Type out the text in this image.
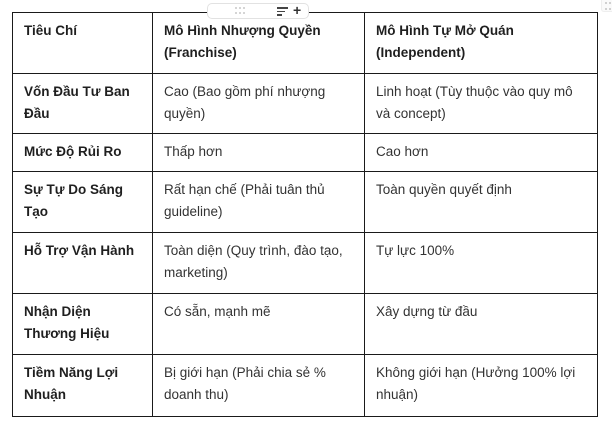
+
Tiêu Chí	Mô Hình Nhượng Quyền (Franchise)	Mô Hình Tự Mở Quán (Independent)
Vốn Đầu Tư Ban Đầu	Cao (Bao gồm phí nhượng quyền)	Linh hoạt (Tùy thuộc vào quy mô và concept)
Mức Độ Rủi Ro	Thấp hơn	Cao hơn
Sự Tự Do Sáng Tạo	Rất hạn chế (Phải tuân thủ guideline)	Toàn quyền quyết định
Hỗ Trợ Vận Hành	Toàn diện (Quy trình, đào tạo, marketing)	Tự lực 100%
Nhận Diện Thương Hiệu	Có sẵn, mạnh mẽ	Xây dựng từ đầu
Tiềm Năng Lợi Nhuận	Bị giới hạn (Phải chia sẻ % doanh thu)	Không giới hạn (Hưởng 100% lợi nhuận)
